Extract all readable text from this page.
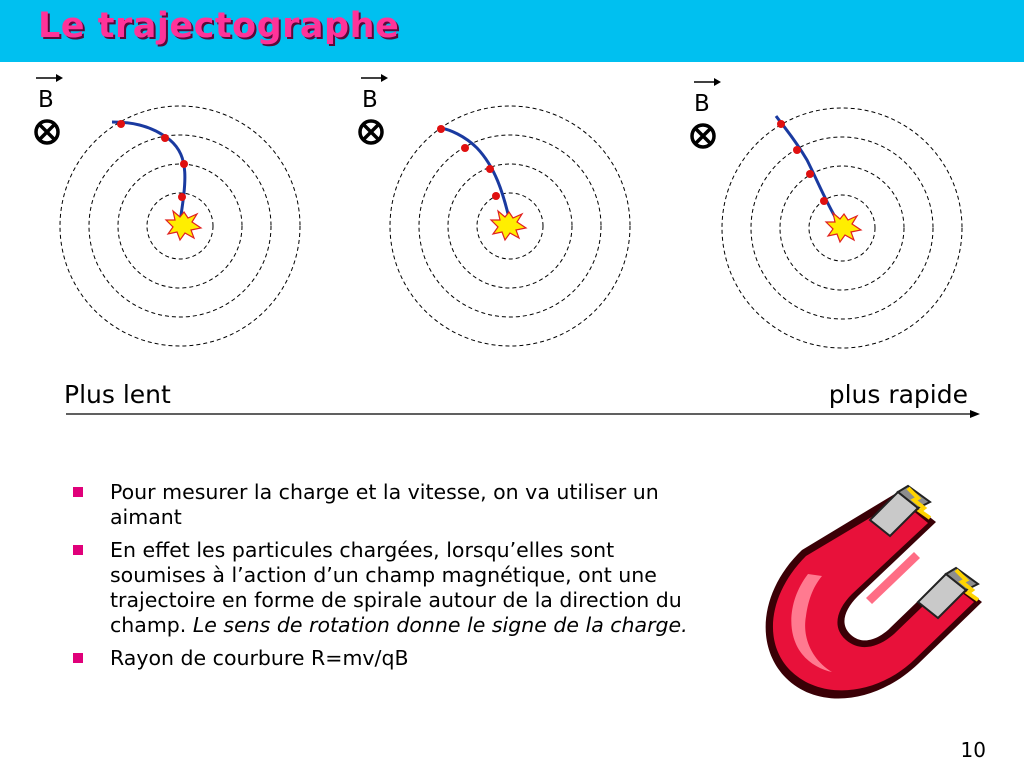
Le trajectographe
B	B	B
Plus lent	plus rapide
Pour mesurer la charge et la vitesse, on va utiliser un aimant
En effet les particules chargées, lorsqu’elles sont soumises à l’action d’un champ magnétique, ont une trajectoire en forme de spirale autour de la direction du champ. Le sens de rotation donne le signe de la charge.
Rayon de courbure R=mv/qB
10
